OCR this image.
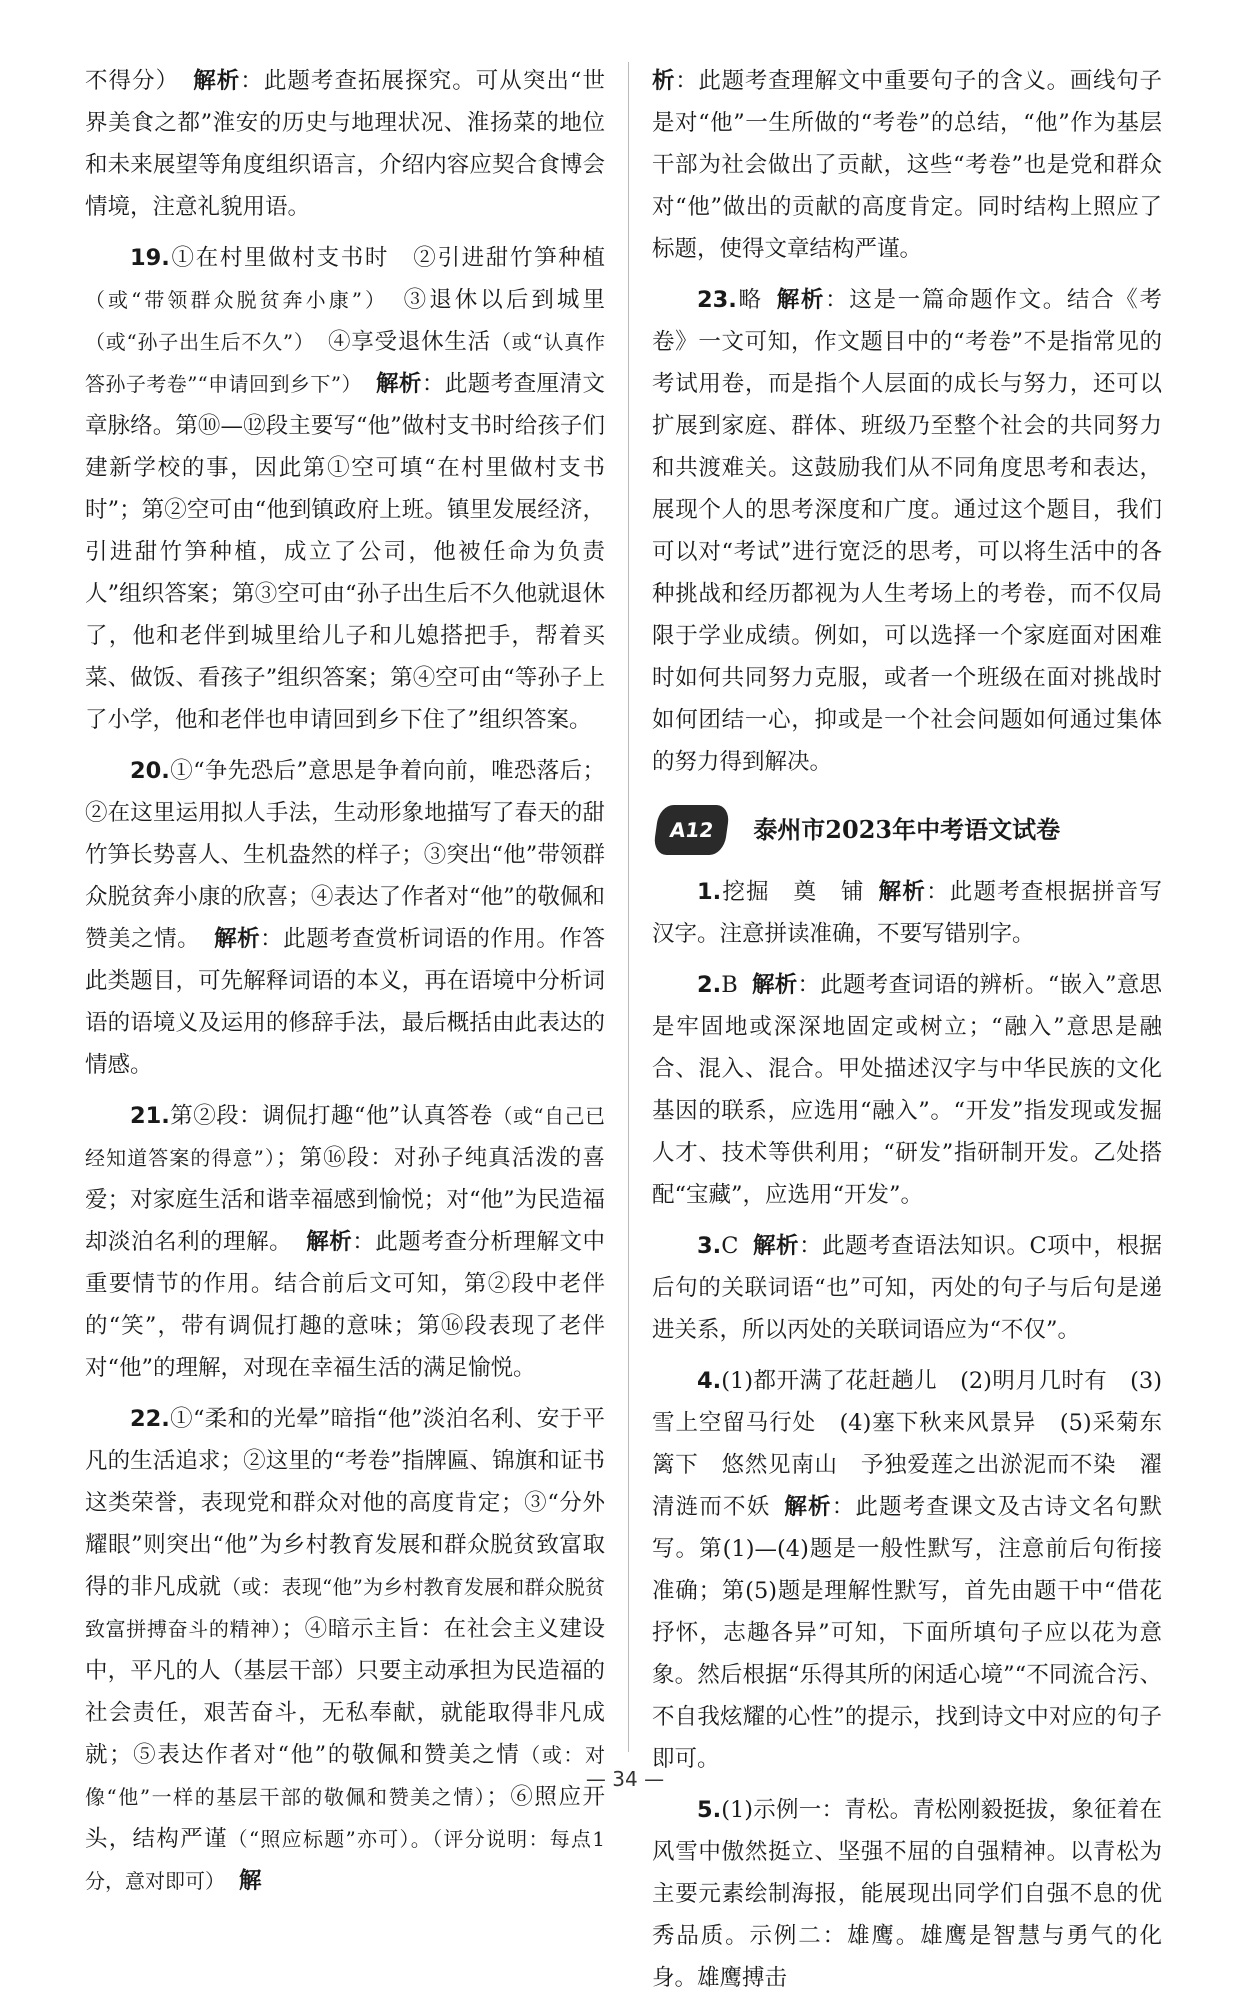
不得分） 解析：此题考查拓展探究。可从突出“世界美食之都”淮安的历史与地理状况、淮扬菜的地位和未来展望等角度组织语言，介绍内容应契合食博会情境，注意礼貌用语。

19.①在村里做村支书时　②引进甜竹笋种植（或“带领群众脱贫奔小康”）　 ③退休以后到城里（或“孙子出生后不久”）　 ④享受退休生活（或“认真作答孙子考卷”“申请回到乡下”） 解析：此题考查厘清文章脉络。第⑩—⑫段主要写“他”做村支书时给孩子们建新学校的事，因此第①空可填“在村里做村支书时”；第②空可由“他到镇政府上班。镇里发展经济，引进甜竹笋种植，成立了公司，他被任命为负责人”组织答案；第③空可由“孙子出生后不久他就退休了，他和老伴到城里给儿子和儿媳搭把手，帮着买菜、做饭、看孩子”组织答案；第④空可由“等孙子上了小学，他和老伴也申请回到乡下住了”组织答案。

20.①“争先恐后”意思是争着向前，唯恐落后；②在这里运用拟人手法，生动形象地描写了春天的甜竹笋长势喜人、生机盎然的样子；③突出“他”带领群众脱贫奔小康的欣喜；④表达了作者对“他”的敬佩和赞美之情。 解析：此题考查赏析词语的作用。作答此类题目，可先解释词语的本义，再在语境中分析词语的语境义及运用的修辞手法，最后概括由此表达的情感。

21.第②段：调侃打趣“他”认真答卷（或“自己已经知道答案的得意”）；第⑯段：对孙子纯真活泼的喜爱；对家庭生活和谐幸福感到愉悦；对“他”为民造福却淡泊名利的理解。 解析：此题考查分析理解文中重要情节的作用。结合前后文可知，第②段中老伴的“笑”，带有调侃打趣的意味；第⑯段表现了老伴对“他”的理解，对现在幸福生活的满足愉悦。

22.①“柔和的光晕”暗指“他”淡泊名利、安于平凡的生活追求；②这里的“考卷”指牌匾、锦旗和证书这类荣誉，表现党和群众对他的高度肯定；③“分外耀眼”则突出“他”为乡村教育发展和群众脱贫致富取得的非凡成就（或：表现“他”为乡村教育发展和群众脱贫致富拼搏奋斗的精神）；④暗示主旨：在社会主义建设中，平凡的人（基层干部）只要主动承担为民造福的社会责任，艰苦奋斗，无私奉献，就能取得非凡成就；⑤表达作者对“他”的敬佩和赞美之情（或：对像“他”一样的基层干部的敬佩和赞美之情）；⑥照应开头，结构严谨（“照应标题”亦可）。（评分说明：每点1分，意对即可） 解

析：此题考查理解文中重要句子的含义。画线句子是对“他”一生所做的“考卷”的总结，“他”作为基层干部为社会做出了贡献，这些“考卷”也是党和群众对“他”做出的贡献的高度肯定。同时结构上照应了标题，使得文章结构严谨。

23.略 解析：这是一篇命题作文。结合《考卷》一文可知，作文题目中的“考卷”不是指常见的考试用卷，而是指个人层面的成长与努力，还可以扩展到家庭、群体、班级乃至整个社会的共同努力和共渡难关。这鼓励我们从不同角度思考和表达，展现个人的思考深度和广度。通过这个题目，我们可以对“考试”进行宽泛的思考，可以将生活中的各种挑战和经历都视为人生考场上的考卷，而不仅局限于学业成绩。例如，可以选择一个家庭面对困难时如何共同努力克服，或者一个班级在面对挑战时如何团结一心，抑或是一个社会问题如何通过集体的努力得到解决。

A12	泰州市2023年中考语文试卷

1.挖掘　奠　铺 解析：此题考查根据拼音写汉字。注意拼读准确，不要写错别字。

2.B 解析：此题考查词语的辨析。“嵌入”意思是牢固地或深深地固定或树立；“融入”意思是融合、混入、混合。甲处描述汉字与中华民族的文化基因的联系，应选用“融入”。“开发”指发现或发掘人才、技术等供利用；“研发”指研制开发。乙处搭配“宝藏”，应选用“开发”。

3.C 解析：此题考查语法知识。C项中，根据后句的关联词语“也”可知，丙处的句子与后句是递进关系，所以丙处的关联词语应为“不仅”。

4.(1)都开满了花赶趟儿　(2)明月几时有　(3)雪上空留马行处　(4)塞下秋来风景异　(5)采菊东篱下　悠然见南山　予独爱莲之出淤泥而不染　濯清涟而不妖 解析：此题考查课文及古诗文名句默写。第(1)—(4)题是一般性默写，注意前后句衔接准确；第(5)题是理解性默写，首先由题干中“借花抒怀，志趣各异”可知，下面所填句子应以花为意象。然后根据“乐得其所的闲适心境”“不同流合污、不自我炫耀的心性”的提示，找到诗文中对应的句子即可。

5.(1)示例一：青松。青松刚毅挺拔，象征着在风雪中傲然挺立、坚强不屈的自强精神。以青松为主要元素绘制海报，能展现出同学们自强不息的优秀品质。示例二：雄鹰。雄鹰是智慧与勇气的化身。雄鹰搏击

— 34 —
